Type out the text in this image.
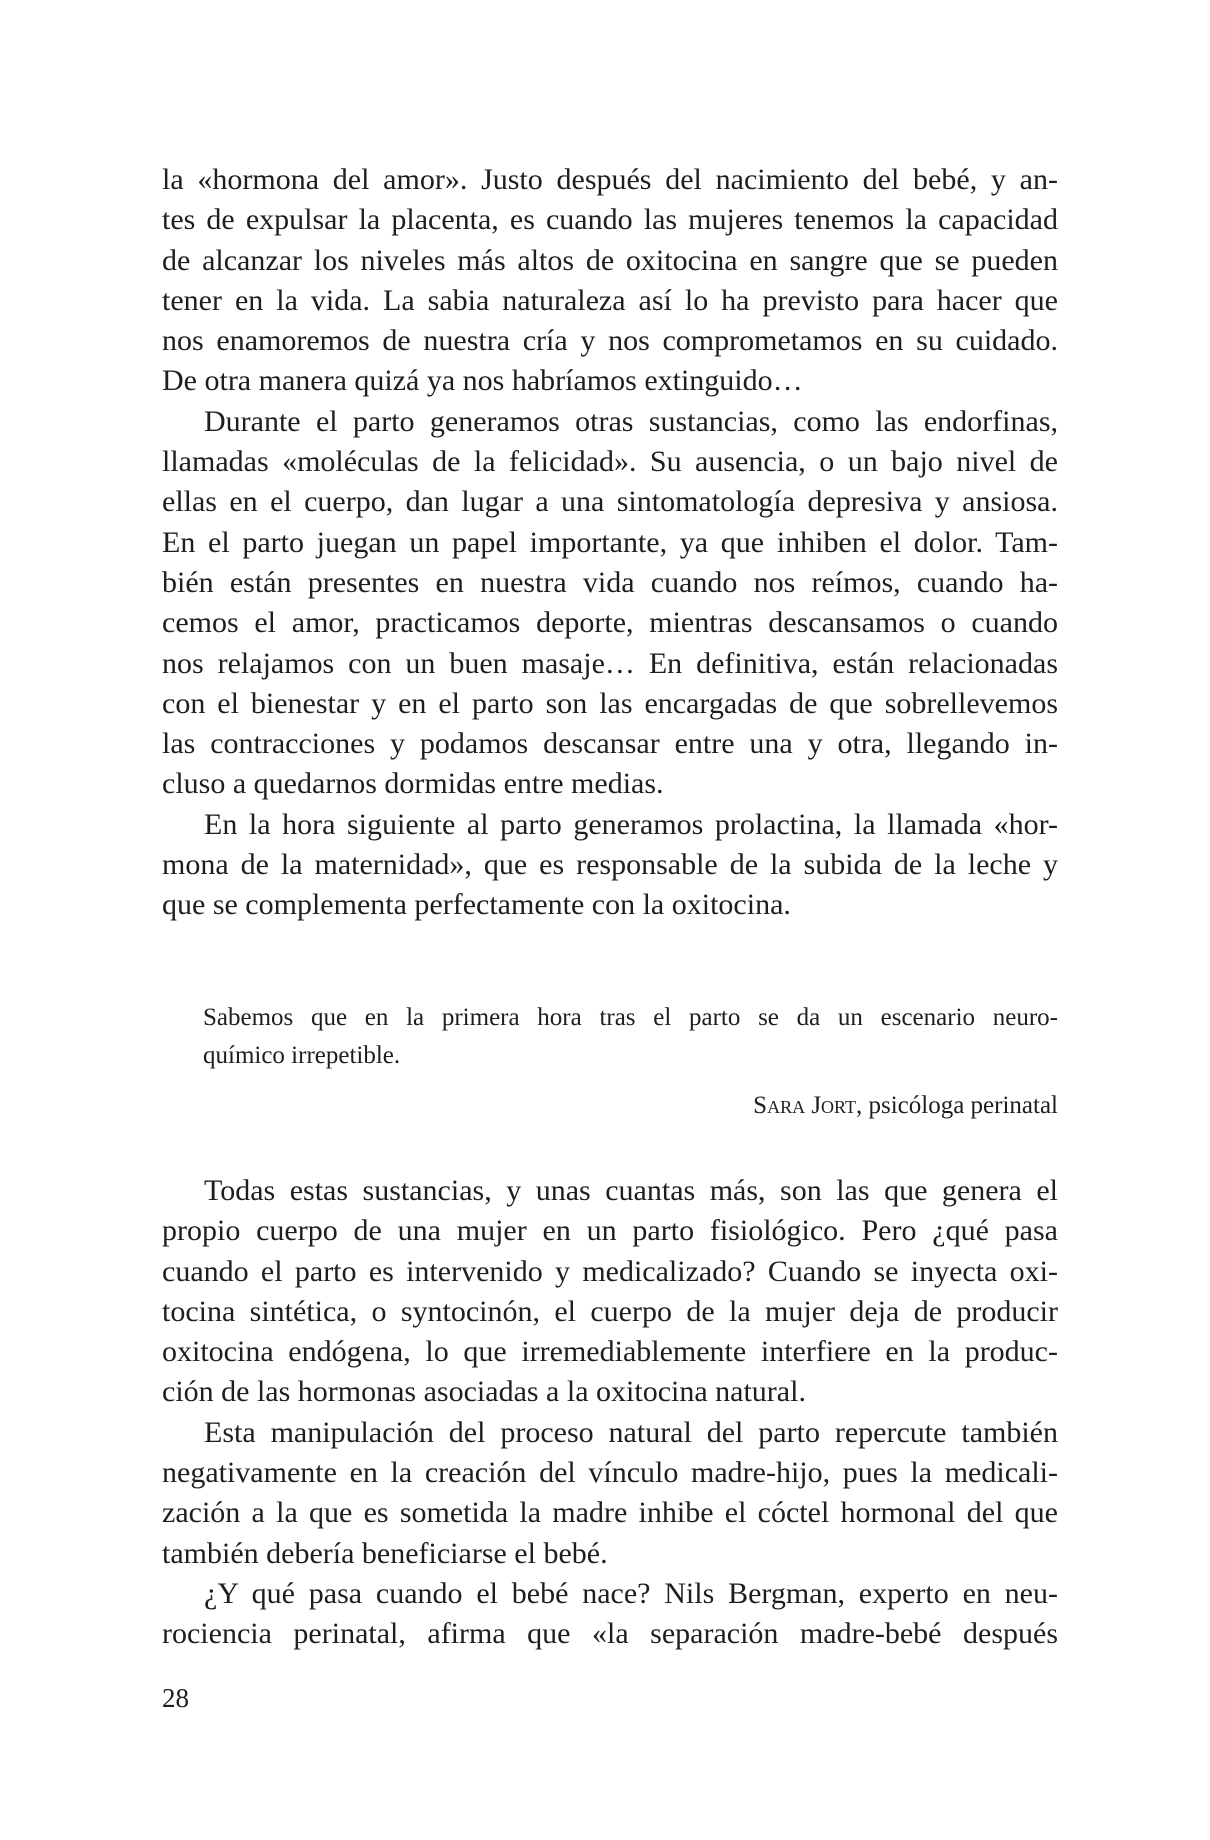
la «hormona del amor». Justo después del nacimiento del bebé, y an-
tes de expulsar la placenta, es cuando las mujeres tenemos la capacidad
de alcanzar los niveles más altos de oxitocina en sangre que se pueden
tener en la vida. La sabia naturaleza así lo ha previsto para hacer que
nos enamoremos de nuestra cría y nos comprometamos en su cuidado.
De otra manera quizá ya nos habríamos extinguido…

Durante el parto generamos otras sustancias, como las endorfinas,
llamadas «moléculas de la felicidad». Su ausencia, o un bajo nivel de
ellas en el cuerpo, dan lugar a una sintomatología depresiva y ansiosa.
En el parto juegan un papel importante, ya que inhiben el dolor. Tam-
bién están presentes en nuestra vida cuando nos reímos, cuando ha-
cemos el amor, practicamos deporte, mientras descansamos o cuando
nos relajamos con un buen masaje… En definitiva, están relacionadas
con el bienestar y en el parto son las encargadas de que sobrellevemos
las contracciones y podamos descansar entre una y otra, llegando in-
cluso a quedarnos dormidas entre medias.

En la hora siguiente al parto generamos prolactina, la llamada «hor-
mona de la maternidad», que es responsable de la subida de la leche y
que se complementa perfectamente con la oxitocina.

Sabemos que en la primera hora tras el parto se da un escenario neuro-
químico irrepetible.
Sara Jort, psicóloga perinatal

Todas estas sustancias, y unas cuantas más, son las que genera el
propio cuerpo de una mujer en un parto fisiológico. Pero ¿qué pasa
cuando el parto es intervenido y medicalizado? Cuando se inyecta oxi-
tocina sintética, o syntocinón, el cuerpo de la mujer deja de producir
oxitocina endógena, lo que irremediablemente interfiere en la produc-
ción de las hormonas asociadas a la oxitocina natural.

Esta manipulación del proceso natural del parto repercute también
negativamente en la creación del vínculo madre-hijo, pues la medicali-
zación a la que es sometida la madre inhibe el cóctel hormonal del que
también debería beneficiarse el bebé.

¿Y qué pasa cuando el bebé nace? Nils Bergman, experto en neu-
rociencia perinatal, afirma que «la separación madre-bebé después

28
